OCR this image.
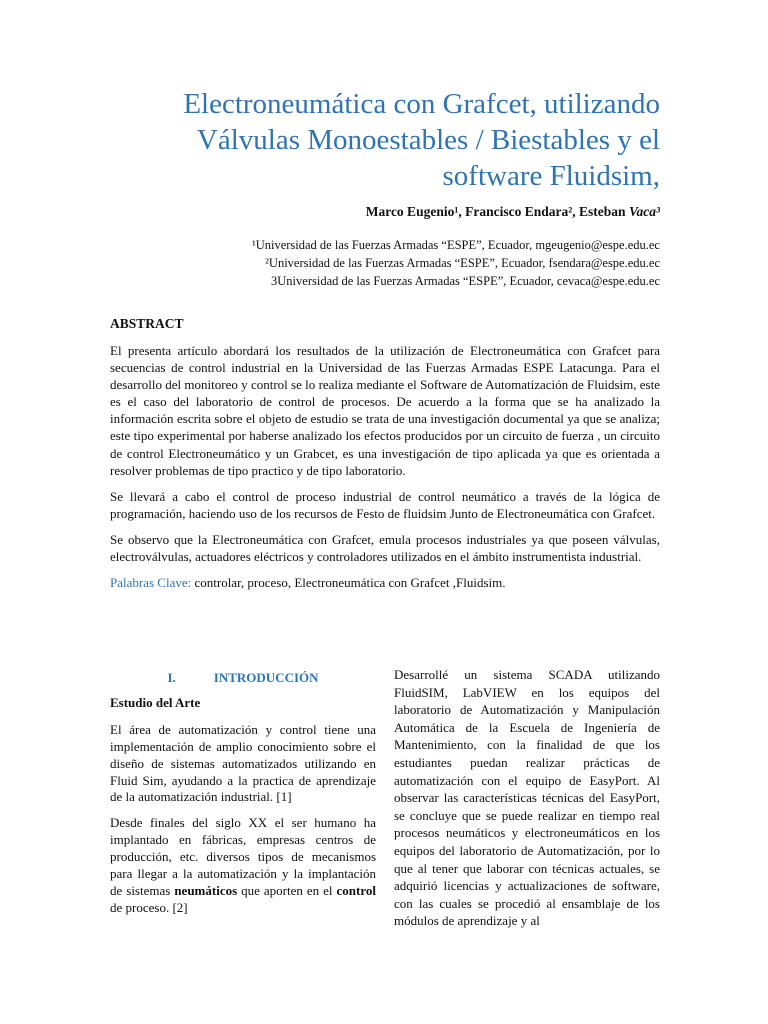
Electroneumática con Grafcet, utilizando
Válvulas Monoestables / Biestables y el
software Fluidsim,
Marco Eugenio¹, Francisco Endara², Esteban Vaca³
¹Universidad de las Fuerzas Armadas “ESPE”, Ecuador, mgeugenio@espe.edu.ec
²Universidad de las Fuerzas Armadas “ESPE”, Ecuador, fsendara@espe.edu.ec
3Universidad de las Fuerzas Armadas “ESPE”, Ecuador, cevaca@espe.edu.ec
ABSTRACT

El presenta artículo abordará los resultados de la utilización de Electroneumática con Grafcet para secuencias de control industrial en la Universidad de las Fuerzas Armadas ESPE Latacunga. Para el desarrollo del monitoreo y control se lo realiza mediante el Software de Automatización de Fluidsim, este es el caso del laboratorio de control de procesos. De acuerdo a la forma que se ha analizado la información escrita sobre el objeto de estudio se trata de una investigación documental ya que se analiza; este tipo experimental por haberse analizado los efectos producidos por un circuito de fuerza , un circuito de control Electroneumático y un Grabcet, es una investigación de tipo aplicada ya que es orientada a resolver problemas de tipo practico y de tipo laboratorio.

Se llevará a cabo el control de proceso industrial de control neumático a través de la lógica de programación, haciendo uso de los recursos de Festo de fluidsim Junto de Electroneumática con Grafcet.

Se observo que la Electroneumática con Grafcet, emula procesos industriales ya que poseen válvulas, electroválvulas, actuadores eléctricos y controladores utilizados en el ámbito instrumentista industrial.

Palabras Clave: controlar, proceso, Electroneumática con Grafcet ,Fluidsim.

I.	INTRODUCCIÓN
Estudio del Arte

El área de automatización y control tiene una implementación de amplio conocimiento sobre el diseño de sistemas automatizados utilizando en Fluid Sim, ayudando a la practica de aprendizaje de la automatización industrial. [1]

Desde finales del siglo XX el ser humano ha implantado en fábricas, empresas centros de producción, etc. diversos tipos de mecanismos para llegar a la automatización y la implantación de sistemas neumáticos que aporten en el control de proceso. [2]

Desarrollé un sistema SCADA utilizando FluidSIM, LabVIEW en los equipos del laboratorio de Automatización y Manipulación Automática de la Escuela de Ingeniería de Mantenimiento, con la finalidad de que los estudiantes puedan realizar prácticas de automatización con el equipo de EasyPort. Al observar las características técnicas del EasyPort, se concluye que se puede realizar en tiempo real procesos neumáticos y electroneumáticos en los equipos del laboratorio de Automatización, por lo que al tener que laborar con técnicas actuales, se adquirió licencias y actualizaciones de software, con las cuales se procedió al ensamblaje de los módulos de aprendizaje y al
